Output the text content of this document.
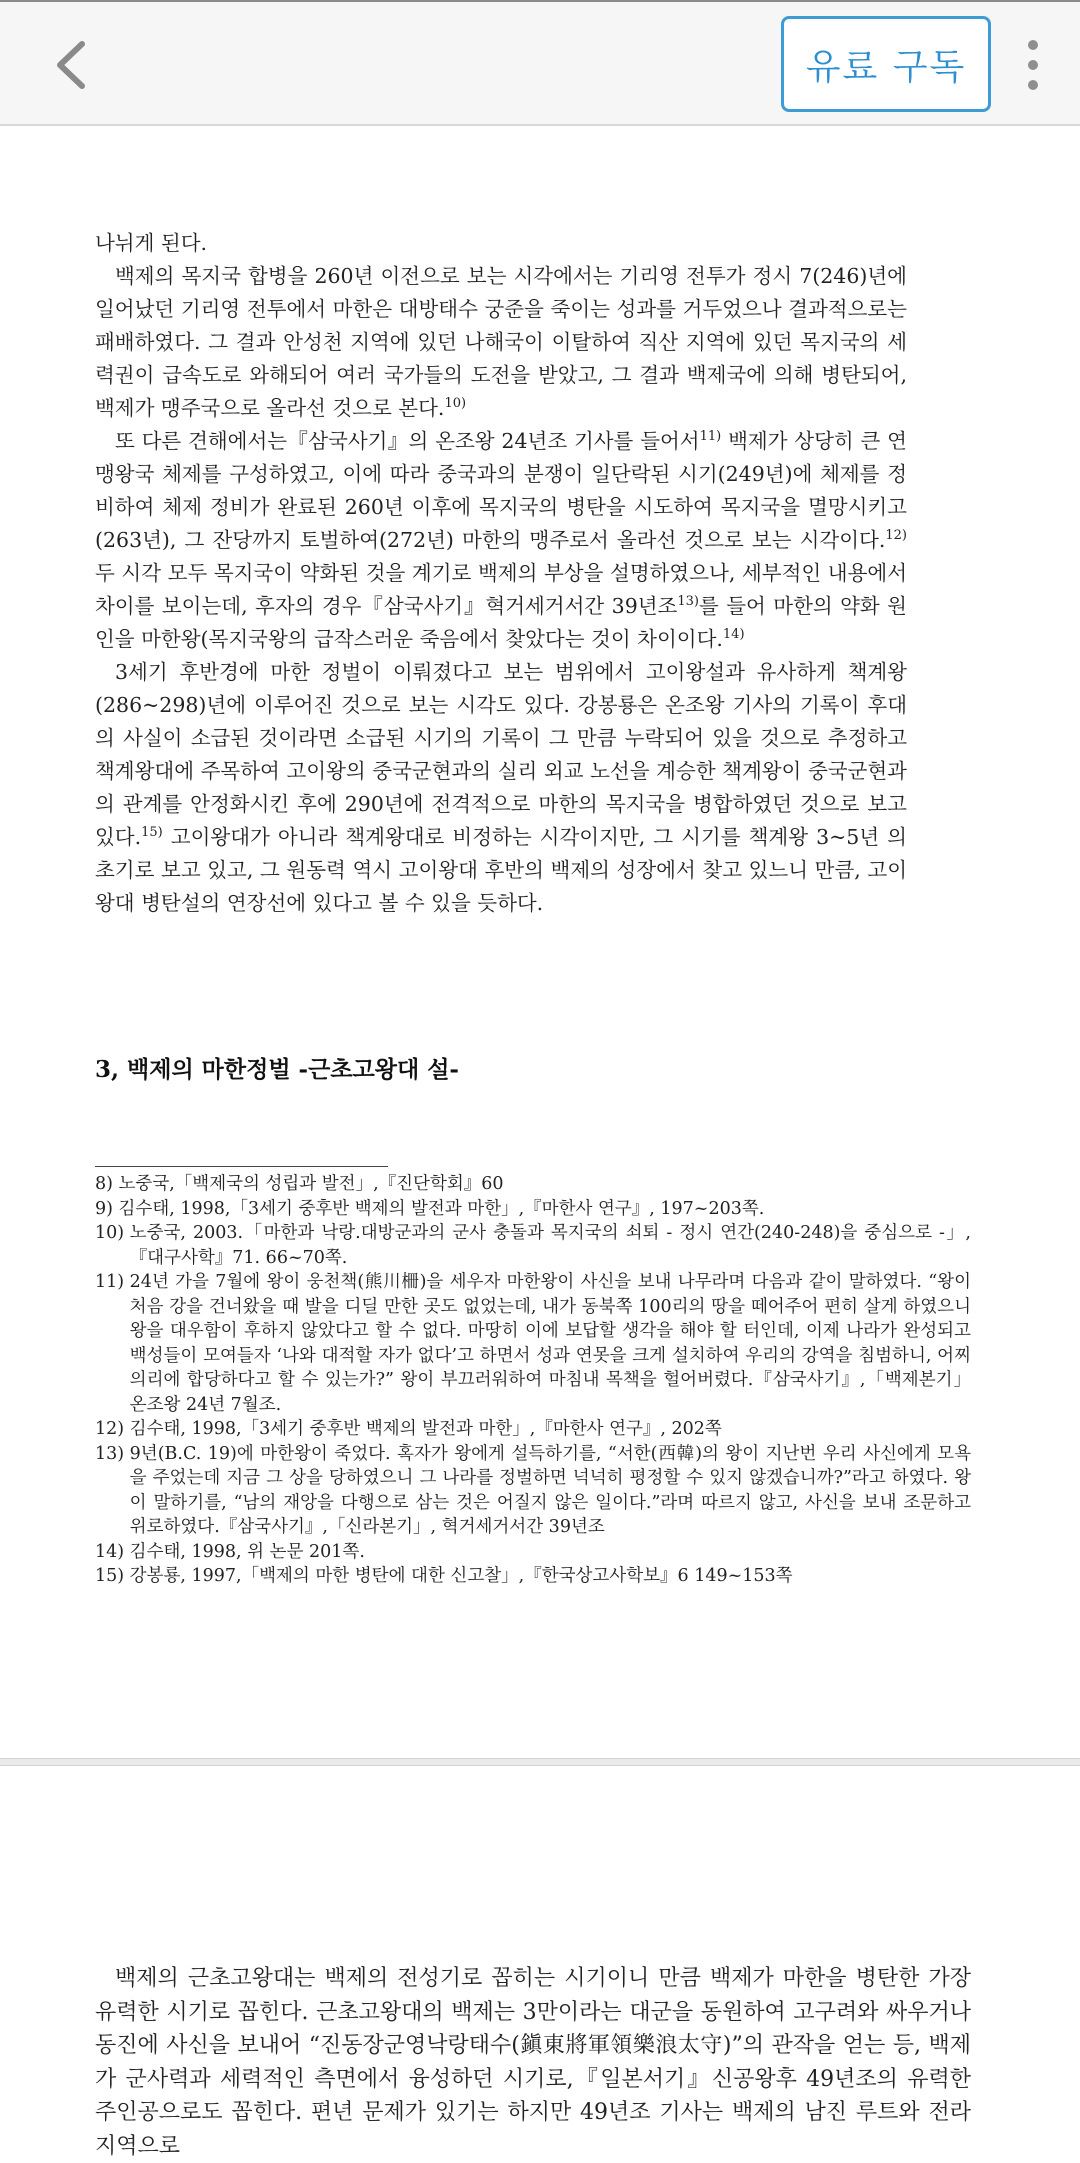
유료 구독

나뉘게 된다.

백제의 목지국 합병을 260년 이전으로 보는 시각에서는 기리영 전투가 정시 7(246)년에 일어났던 기리영 전투에서 마한은 대방태수 궁준을 죽이는 성과를 거두었으나 결과적으로는 패배하였다. 그 결과 안성천 지역에 있던 나해국이 이탈하여 직산 지역에 있던 목지국의 세력권이 급속도로 와해되어 여러 국가들의 도전을 받았고, 그 결과 백제국에 의해 병탄되어, 백제가 맹주국으로 올라선 것으로 본다.$^{10)}$

또 다른 견해에서는『삼국사기』의 온조왕 24년조 기사를 들어서$^{11)}$ 백제가 상당히 큰 연맹왕국 체제를 구성하였고, 이에 따라 중국과의 분쟁이 일단락된 시기(249년)에 체제를 정비하여 체제 정비가 완료된 260년 이후에 목지국의 병탄을 시도하여 목지국을 멸망시키고(263년), 그 잔당까지 토벌하여(272년) 마한의 맹주로서 올라선 것으로 보는 시각이다.$^{12)}$ 두 시각 모두 목지국이 약화된 것을 계기로 백제의 부상을 설명하였으나, 세부적인 내용에서 차이를 보이는데, 후자의 경우『삼국사기』혁거세거서간 39년조$^{13)}$를 들어 마한의 약화 원인을 마한왕(목지국왕의 급작스러운 죽음에서 찾았다는 것이 차이이다.$^{14)}$

3세기 후반경에 마한 정벌이 이뤄졌다고 보는 범위에서 고이왕설과 유사하게 책계왕(286~298)년에 이루어진 것으로 보는 시각도 있다. 강봉룡은 온조왕 기사의 기록이 후대의 사실이 소급된 것이라면 소급된 시기의 기록이 그 만큼 누락되어 있을 것으로 추정하고 책계왕대에 주목하여 고이왕의 중국군현과의 실리 외교 노선을 계승한 책계왕이 중국군현과의 관계를 안정화시킨 후에 290년에 전격적으로 마한의 목지국을 병합하였던 것으로 보고 있다.$^{15)}$ 고이왕대가 아니라 책계왕대로 비정하는 시각이지만, 그 시기를 책계왕 3~5년 의 초기로 보고 있고, 그 원동력 역시 고이왕대 후반의 백제의 성장에서 찾고 있느니 만큼, 고이왕대 병탄설의 연장선에 있다고 볼 수 있을 듯하다.

3, 백제의 마한정벌 -근초고왕대 설-
8) 노중국,「백제국의 성립과 발전」,『진단학회』60
9) 김수태, 1998,「3세기 중후반 백제의 발전과 마한」,『마한사 연구』, 197~203쪽.
10) 노중국, 2003.「마한과 낙랑.대방군과의 군사 충돌과 목지국의 쇠퇴 - 정시 연간(240-248)을 중심으로 -」,『대구사학』71. 66~70쪽.
11) 24년 가을 7월에 왕이 웅천책(熊川柵)을 세우자 마한왕이 사신을 보내 나무라며 다음과 같이 말하였다. “왕이 처음 강을 건너왔을 때 발을 디딜 만한 곳도 없었는데, 내가 동북쪽 100리의 땅을 떼어주어 편히 살게 하였으니 왕을 대우함이 후하지 않았다고 할 수 없다. 마땅히 이에 보답할 생각을 해야 할 터인데, 이제 나라가 완성되고 백성들이 모여들자 ‘나와 대적할 자가 없다’고 하면서 성과 연못을 크게 설치하여 우리의 강역을 침범하니, 어찌 의리에 합당하다고 할 수 있는가?” 왕이 부끄러워하여 마침내 목책을 헐어버렸다.『삼국사기』,「백제본기」온조왕 24년 7월조.
12) 김수태, 1998,「3세기 중후반 백제의 발전과 마한」,『마한사 연구』, 202쪽
13) 9년(B.C. 19)에 마한왕이 죽었다. 혹자가 왕에게 설득하기를, “서한(西韓)의 왕이 지난번 우리 사신에게 모욕을 주었는데 지금 그 상을 당하였으니 그 나라를 정벌하면 넉넉히 평정할 수 있지 않겠습니까?”라고 하였다. 왕이 말하기를, “남의 재앙을 다행으로 삼는 것은 어질지 않은 일이다.”라며 따르지 않고, 사신을 보내 조문하고 위로하였다.『삼국사기』,「신라본기」, 혁거세거서간 39년조
14) 김수태, 1998, 위 논문 201쪽.
15) 강봉룡, 1997,「백제의 마한 병탄에 대한 신고찰」,『한국상고사학보』6 149~153쪽

백제의 근초고왕대는 백제의 전성기로 꼽히는 시기이니 만큼 백제가 마한을 병탄한 가장 유력한 시기로 꼽힌다. 근초고왕대의 백제는 3만이라는 대군을 동원하여 고구려와 싸우거나 동진에 사신을 보내어 “진동장군영낙랑태수(鎭東將軍領樂浪太守)”의 관작을 얻는 등, 백제가 군사력과 세력적인 측면에서 융성하던 시기로,『일본서기』신공왕후 49년조의 유력한 주인공으로도 꼽힌다. 편년 문제가 있기는 하지만 49년조 기사는 백제의 남진 루트와 전라 지역으로
